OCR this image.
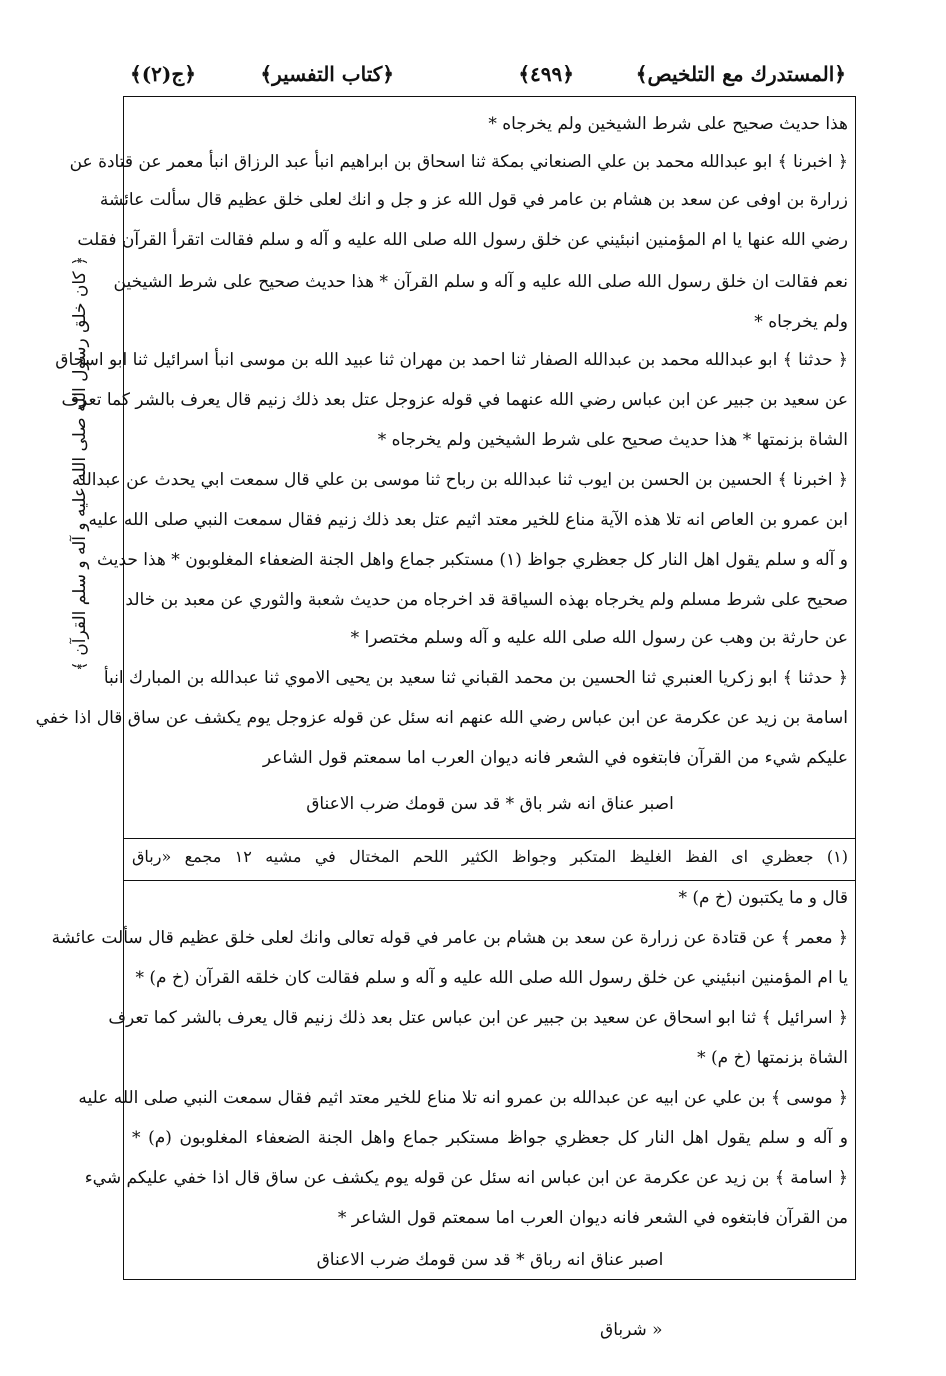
﴿المستدرك مع التلخيص﴾
﴿٤٩٩﴾
﴿كتاب التفسير﴾
﴿ج(٢)﴾
﴿ كان خلق رسول الله صلى الله عليه و آله و سلم القرآن ﴾
هذا حديث صحيح على شرط الشيخين ولم يخرجاه *
﴿ اخبرنا ﴾ ابو عبدالله محمد بن علي الصنعاني بمكة ثنا اسحاق بن ابراهيم انبأ عبد الرزاق انبأ معمر عن قتادة عن
زرارة بن اوفى عن سعد بن هشام بن عامر في قول الله عز و جل و انك لعلى خلق عظيم قال سألت عائشة
رضي الله عنها يا ام المؤمنين انبئيني عن خلق رسول الله صلى الله عليه و آله و سلم فقالت اتقرأ القرآن فقلت
نعم فقالت ان خلق رسول الله صلى الله عليه و آله و سلم القرآن * هذا حديث صحيح على شرط الشيخين
ولم يخرجاه *
﴿ حدثنا ﴾ ابو عبدالله محمد بن عبدالله الصفار ثنا احمد بن مهران ثنا عبيد الله بن موسى انبأ اسرائيل ثنا ابو اسحاق
عن سعيد بن جبير عن ابن عباس رضي الله عنهما في قوله عزوجل عتل بعد ذلك زنيم قال يعرف بالشر كما تعرف
الشاة بزنمتها * هذا حديث صحيح على شرط الشيخين ولم يخرجاه *
﴿ اخبرنا ﴾ الحسين بن الحسن بن ايوب ثنا عبدالله بن رباح ثنا موسى بن علي قال سمعت ابي يحدث عن عبدالله
ابن عمرو بن العاص انه تلا هذه الآية مناع للخير معتد اثيم عتل بعد ذلك زنيم فقال سمعت النبي صلى الله عليه
و آله و سلم يقول اهل النار كل جعظري جواظ (١) مستكبر جماع واهل الجنة الضعفاء المغلوبون * هذا حديث
صحيح على شرط مسلم ولم يخرجاه بهذه السياقة قد اخرجاه من حديث شعبة والثوري عن معبد بن خالد
عن حارثة بن وهب عن رسول الله صلى الله عليه و آله وسلم مختصرا *
﴿ حدثنا ﴾ ابو زكريا العنبري ثنا الحسين بن محمد القباني ثنا سعيد بن يحيى الاموي ثنا عبدالله بن المبارك انبأ
اسامة بن زيد عن عكرمة عن ابن عباس رضي الله عنهم انه سئل عن قوله عزوجل يوم يكشف عن ساق قال اذا خفي
عليكم شيء من القرآن فابتغوه في الشعر فانه ديوان العرب اما سمعتم قول الشاعر
اصبر عناق انه شر باق * قد سن قومك ضرب الاعناق
(١) جعظري اى الفظ الغليظ المتكبر وجواظ الكثير اللحم المختال في مشيه ١٢ مجمع «رباق
قال و ما يكتبون (خ م) *
﴿ معمر ﴾ عن قتادة عن زرارة عن سعد بن هشام بن عامر في قوله تعالى وانك لعلى خلق عظيم قال سألت عائشة
يا ام المؤمنين انبئيني عن خلق رسول الله صلى الله عليه و آله و سلم فقالت كان خلقه القرآن (خ م) *
﴿ اسرائيل ﴾ ثنا ابو اسحاق عن سعيد بن جبير عن ابن عباس عتل بعد ذلك زنيم قال يعرف بالشر كما تعرف
الشاة بزنمتها (خ م) *
﴿ موسى ﴾ بن علي عن ابيه عن عبدالله بن عمرو انه تلا مناع للخير معتد اثيم فقال سمعت النبي صلى الله عليه
و آله و سلم يقول اهل النار كل جعظري جواظ مستكبر جماع واهل الجنة الضعفاء المغلوبون (م) *
﴿ اسامة ﴾ بن زيد عن عكرمة عن ابن عباس انه سئل عن قوله يوم يكشف عن ساق قال اذا خفي عليكم شيء
من القرآن فابتغوه في الشعر فانه ديوان العرب اما سمعتم قول الشاعر *
اصبر عناق انه رباق * قد سن قومك ضرب الاعناق
« شرباق
